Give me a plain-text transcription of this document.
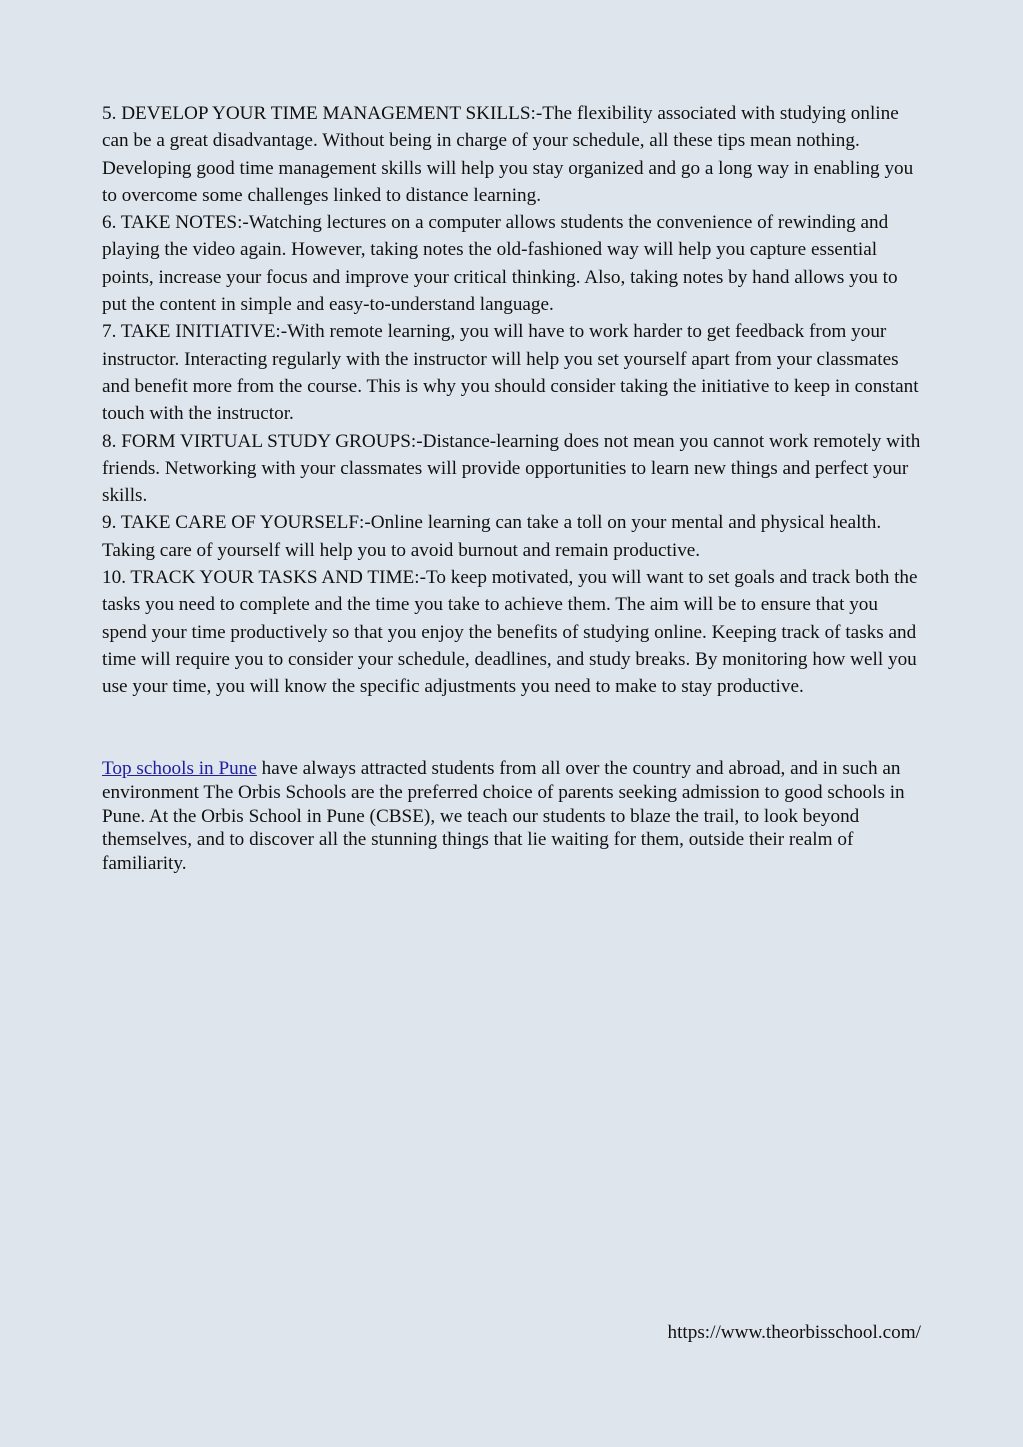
5. DEVELOP YOUR TIME MANAGEMENT SKILLS:-The flexibility associated with studying online can be a great disadvantage. Without being in charge of your schedule, all these tips mean nothing. Developing good time management skills will help you stay organized and go a long way in enabling you to overcome some challenges linked to distance learning.

6. TAKE NOTES:-Watching lectures on a computer allows students the convenience of rewinding and playing the video again. However, taking notes the old-fashioned way will help you capture essential points, increase your focus and improve your critical thinking. Also, taking notes by hand allows you to put the content in simple and easy-to-understand language.

7. TAKE INITIATIVE:-With remote learning, you will have to work harder to get feedback from your instructor. Interacting regularly with the instructor will help you set yourself apart from your classmates and benefit more from the course. This is why you should consider taking the initiative to keep in constant touch with the instructor.

8. FORM VIRTUAL STUDY GROUPS:-Distance-learning does not mean you cannot work remotely with friends. Networking with your classmates will provide opportunities to learn new things and perfect your skills.

9. TAKE CARE OF YOURSELF:-Online learning can take a toll on your mental and physical health. Taking care of yourself will help you to avoid burnout and remain productive.

10. TRACK YOUR TASKS AND TIME:-To keep motivated, you will want to set goals and track both the tasks you need to complete and the time you take to achieve them. The aim will be to ensure that you spend your time productively so that you enjoy the benefits of studying online. Keeping track of tasks and time will require you to consider your schedule, deadlines, and study breaks. By monitoring how well you use your time, you will know the specific adjustments you need to make to stay productive.

Top schools in Pune have always attracted students from all over the country and abroad, and in such an environment The Orbis Schools are the preferred choice of parents seeking admission to good schools in Pune. At the Orbis School in Pune (CBSE), we teach our students to blaze the trail, to look beyond themselves, and to discover all the stunning things that lie waiting for them, outside their realm of familiarity.
https://www.theorbisschool.com/
